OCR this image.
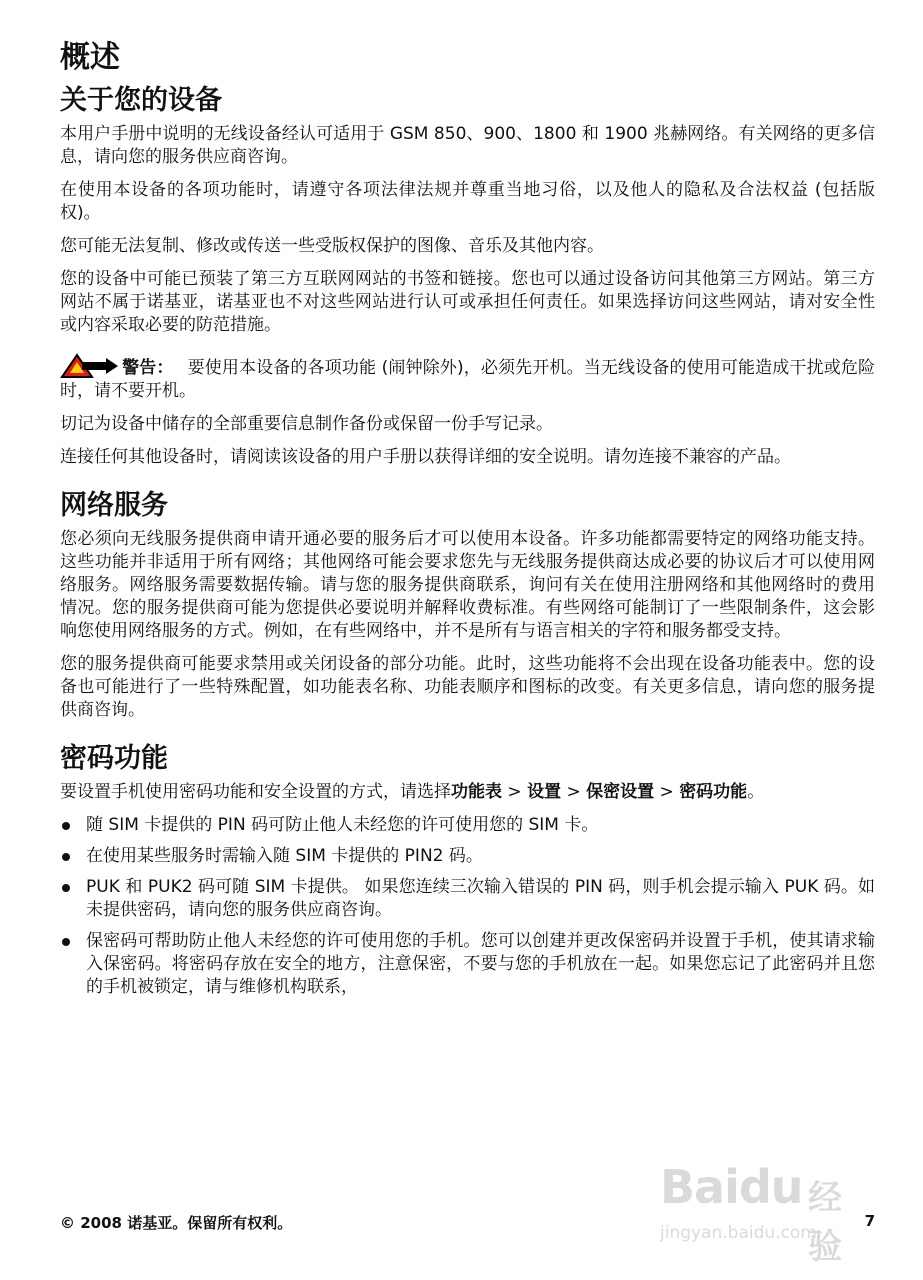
概述
关于您的设备

本用户手册中说明的无线设备经认可适用于 GSM 850、900、1800 和 1900 兆赫网络。有关网络的更多信息，请向您的服务供应商咨询。

在使用本设备的各项功能时，请遵守各项法律法规并尊重当地习俗，以及他人的隐私及合法权益 (包括版权)。

您可能无法复制、修改或传送一些受版权保护的图像、音乐及其他内容。

您的设备中可能已预装了第三方互联网网站的书签和链接。您也可以通过设备访问其他第三方网站。第三方网站不属于诺基亚，诺基亚也不对这些网站进行认可或承担任何责任。如果选择访问这些网站，请对安全性或内容采取必要的防范措施。

警告： 要使用本设备的各项功能 (闹钟除外)，必须先开机。当无线设备的使用可能造成干扰或危险时，请不要开机。

切记为设备中储存的全部重要信息制作备份或保留一份手写记录。

连接任何其他设备时，请阅读该设备的用户手册以获得详细的安全说明。请勿连接不兼容的产品。

网络服务

您必须向无线服务提供商申请开通必要的服务后才可以使用本设备。许多功能都需要特定的网络功能支持。这些功能并非适用于所有网络；其他网络可能会要求您先与无线服务提供商达成必要的协议后才可以使用网络服务。网络服务需要数据传输。请与您的服务提供商联系，询问有关在使用注册网络和其他网络时的费用情况。您的服务提供商可能为您提供必要说明并解释收费标准。有些网络可能制订了一些限制条件，这会影响您使用网络服务的方式。例如，在有些网络中，并不是所有与语言相关的字符和服务都受支持。

您的服务提供商可能要求禁用或关闭设备的部分功能。此时，这些功能将不会出现在设备功能表中。您的设备也可能进行了一些特殊配置，如功能表名称、功能表顺序和图标的改变。有关更多信息，请向您的服务提供商咨询。

密码功能

要设置手机使用密码功能和安全设置的方式，请选择功能表 > 设置 > 保密设置 > 密码功能。

随 SIM 卡提供的 PIN 码可防止他人未经您的许可使用您的 SIM 卡。
在使用某些服务时需输入随 SIM 卡提供的 PIN2 码。
PUK 和 PUK2 码可随 SIM 卡提供。 如果您连续三次输入错误的 PIN 码，则手机会提示输入 PUK 码。如未提供密码，请向您的服务供应商咨询。
保密码可帮助防止他人未经您的许可使用您的手机。您可以创建并更改保密码并设置于手机，使其请求输入保密码。将密码存放在安全的地方，注意保密，不要与您的手机放在一起。如果您忘记了此密码并且您的手机被锁定，请与维修机构联系，
Baidu 经验
jingyan.baidu.com
© 2008 诺基亚。保留所有权利。	7
